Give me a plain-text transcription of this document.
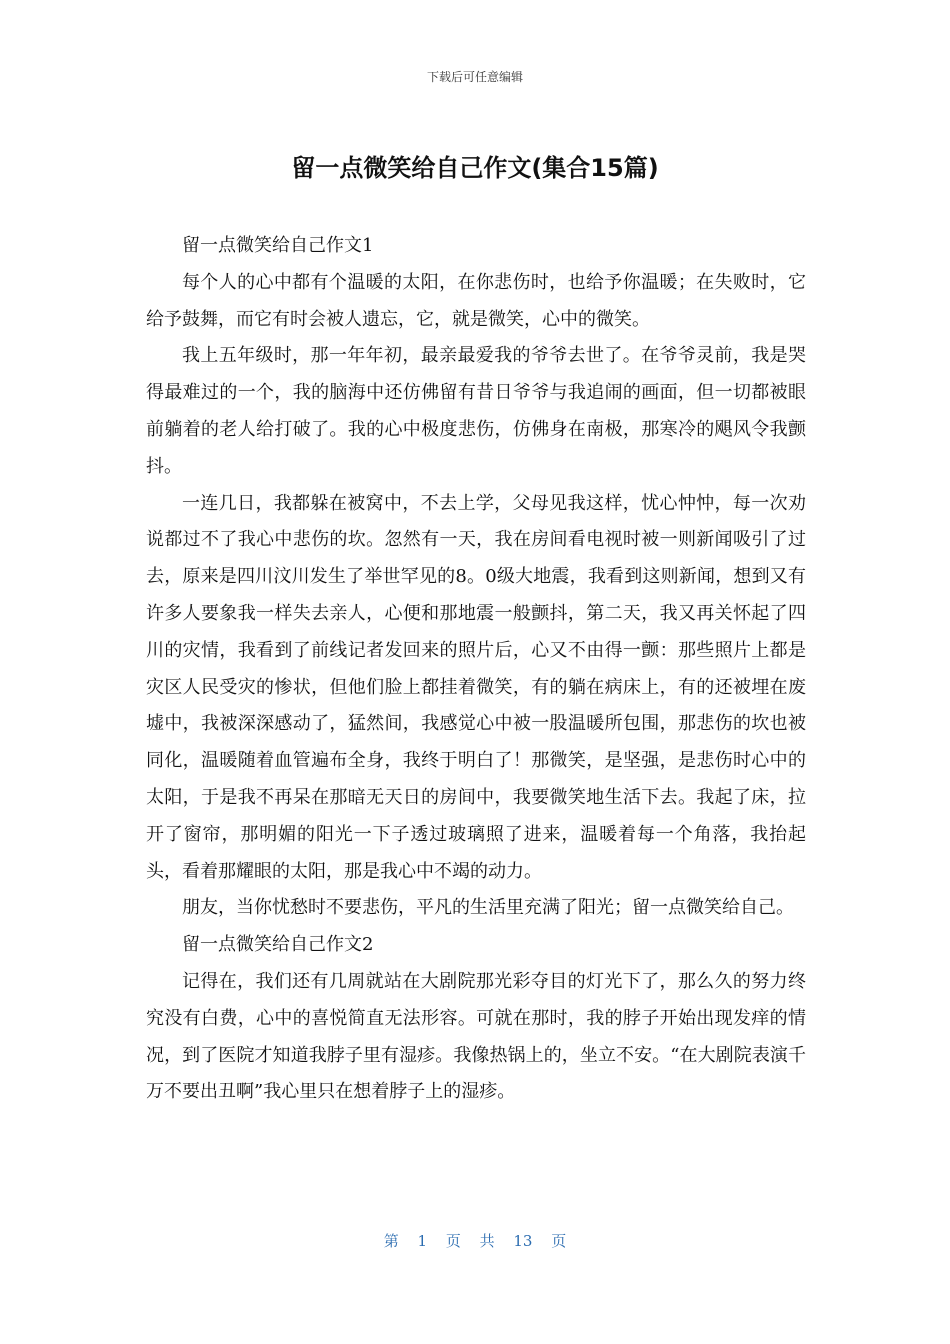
下载后可任意编辑
留一点微笑给自己作文(集合15篇)

留一点微笑给自己作文1

每个人的心中都有个温暖的太阳，在你悲伤时，也给予你温暖；在失败时，它给予鼓舞，而它有时会被人遗忘，它，就是微笑，心中的微笑。

我上五年级时，那一年年初，最亲最爱我的爷爷去世了。在爷爷灵前，我是哭得最难过的一个，我的脑海中还仿佛留有昔日爷爷与我追闹的画面，但一切都被眼前躺着的老人给打破了。我的心中极度悲伤，仿佛身在南极，那寒冷的飓风令我颤抖。

一连几日，我都躲在被窝中，不去上学，父母见我这样，忧心忡忡，每一次劝说都过不了我心中悲伤的坎。忽然有一天，我在房间看电视时被一则新闻吸引了过去，原来是四川汶川发生了举世罕见的8。0级大地震，我看到这则新闻，想到又有许多人要象我一样失去亲人，心便和那地震一般颤抖，第二天，我又再关怀起了四川的灾情，我看到了前线记者发回来的照片后，心又不由得一颤：那些照片上都是灾区人民受灾的惨状，但他们脸上都挂着微笑，有的躺在病床上，有的还被埋在废墟中，我被深深感动了，猛然间，我感觉心中被一股温暖所包围，那悲伤的坎也被同化，温暖随着血管遍布全身，我终于明白了！那微笑，是坚强，是悲伤时心中的太阳，于是我不再呆在那暗无天日的房间中，我要微笑地生活下去。我起了床，拉开了窗帘，那明媚的阳光一下子透过玻璃照了进来，温暖着每一个角落，我抬起头，看着那耀眼的太阳，那是我心中不竭的动力。

朋友，当你忧愁时不要悲伤，平凡的生活里充满了阳光；留一点微笑给自己。

留一点微笑给自己作文2

记得在，我们还有几周就站在大剧院那光彩夺目的灯光下了，那么久的努力终究没有白费，心中的喜悦简直无法形容。可就在那时，我的脖子开始出现发痒的情况，到了医院才知道我脖子里有湿疹。我像热锅上的，坐立不安。“在大剧院表演千万不要出丑啊”我心里只在想着脖子上的湿疹。

第 1 页 共 13 页
